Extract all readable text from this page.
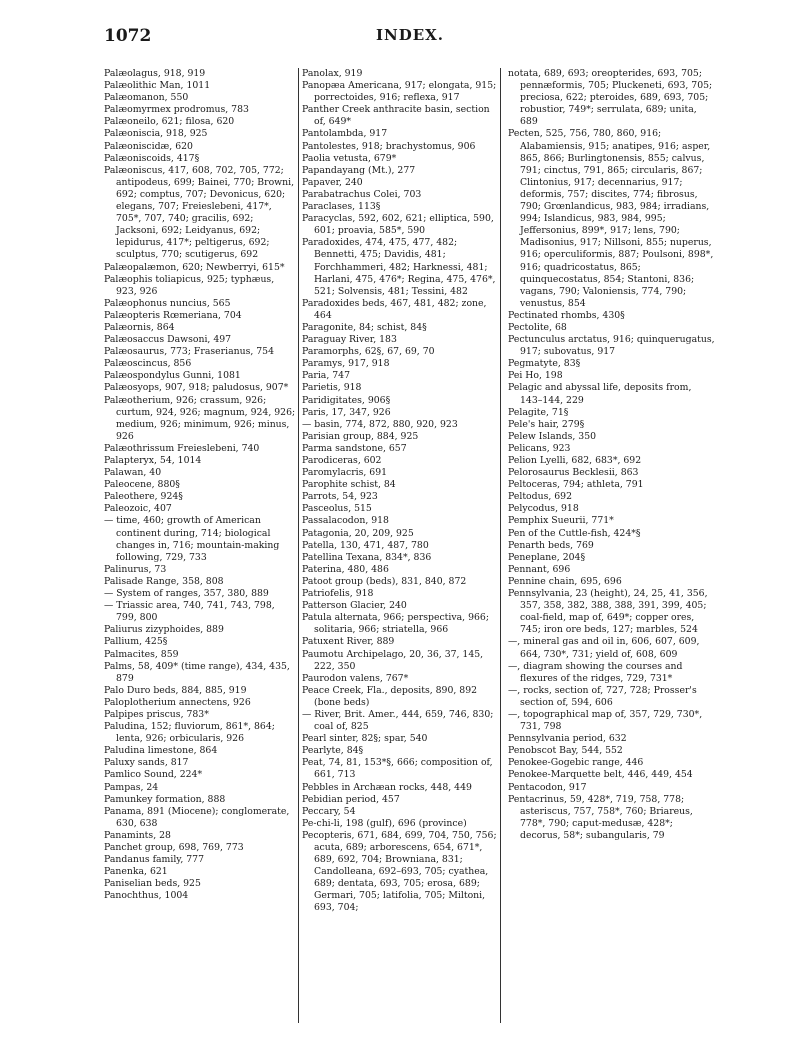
1072	INDEX.

Palæolagus, 918, 919

Palæolithic Man, 1011

Palæomanon, 550

Palæomyrmex prodromus, 783

Palæoneilo, 621; filosa, 620

Palæoniscia, 918, 925

Palæoniscidæ, 620

Palæoniscoids, 417§

Palæoniscus, 417, 608, 702, 705, 772; antipodeus, 699; Bainei, 770; Browni, 692; comptus, 707; Devonicus, 620; elegans, 707; Freieslebeni, 417*, 705*, 707, 740; gracilis, 692; Jacksoni, 692; Leidyanus, 692; lepidurus, 417*; peltigerus, 692; sculptus, 770; scutigerus, 692

Palæopalæmon, 620; Newberryi, 615*

Palæophis toliapicus, 925; typhæus, 923, 926

Palæophonus nuncius, 565

Palæopteris Rœmeriana, 704

Palæornis, 864

Palæosaccus Dawsoni, 497

Palæosaurus, 773; Fraserianus, 754

Palæoscincus, 856

Palæospondylus Gunni, 1081

Palæosyops, 907, 918; paludosus, 907*

Palæotherium, 926; crassum, 926; curtum, 924, 926; magnum, 924, 926; medium, 926; minimum, 926; minus, 926

Palæothrissum Freieslebeni, 740

Palapteryx, 54, 1014

Palawan, 40

Paleocene, 880§

Paleothere, 924§

Paleozoic, 407

— time, 460; growth of American continent during, 714; biological changes in, 716; mountain-making following, 729, 733

Palinurus, 73

Palisade Range, 358, 808

— System of ranges, 357, 380, 889

— Triassic area, 740, 741, 743, 798, 799, 800

Paliurus zizyphoides, 889

Pallium, 425§

Palmacites, 859

Palms, 58, 409* (time range), 434, 435, 879

Palo Duro beds, 884, 885, 919

Paloplotherium annectens, 926

Palpipes priscus, 783*

Paludina, 152; fluviorum, 861*, 864; lenta, 926; orbicularis, 926

Paludina limestone, 864

Paluxy sands, 817

Pamlico Sound, 224*

Pampas, 24

Pamunkey formation, 888

Panama, 891 (Miocene); conglomerate, 630, 638

Panamints, 28

Panchet group, 698, 769, 773

Pandanus family, 777

Panenka, 621

Paniselian beds, 925

Panochthus, 1004

Panolax, 919

Panopæa Americana, 917; elongata, 915; porrectoides, 916; reflexa, 917

Panther Creek anthracite basin, section of, 649*

Pantolambda, 917

Pantolestes, 918; brachystomus, 906

Paolia vetusta, 679*

Papandayang (Mt.), 277

Papaver, 240

Parabatrachus Colei, 703

Paraclases, 113§

Paracyclas, 592, 602, 621; elliptica, 590, 601; proavia, 585*, 590

Paradoxides, 474, 475, 477, 482; Bennetti, 475; Davidis, 481; Forchhammeri, 482; Harknessi, 481; Harlani, 475, 476*; Regina, 475, 476*, 521; Solvensis, 481; Tessini, 482

Paradoxides beds, 467, 481, 482; zone, 464

Paragonite, 84; schist, 84§

Paraguay River, 183

Paramorphs, 62§, 67, 69, 70

Paramys, 917, 918

Paria, 747

Parietis, 918

Paridigitates, 906§

Paris, 17, 347, 926

— basin, 774, 872, 880, 920, 923

Parisian group, 884, 925

Parma sandstone, 657

Parodiceras, 602

Paromylacris, 691

Parophite schist, 84

Parrots, 54, 923

Pasceolus, 515

Passalacodon, 918

Patagonia, 20, 209, 925

Patella, 130, 471, 487, 780

Patellina Texana, 834*, 836

Paterina, 480, 486

Patoot group (beds), 831, 840, 872

Patriofelis, 918

Patterson Glacier, 240

Patula alternata, 966; perspectiva, 966; solitaria, 966; striatella, 966

Patuxent River, 889

Paumotu Archipelago, 20, 36, 37, 145, 222, 350

Paurodon valens, 767*

Peace Creek, Fla., deposits, 890, 892 (bone beds)

— River, Brit. Amer., 444, 659, 746, 830; coal of, 825

Pearl sinter, 82§; spar, 540

Pearlyte, 84§

Peat, 74, 81, 153*§, 666; composition of, 661, 713

Pebbles in Archæan rocks, 448, 449

Pebidian period, 457

Peccary, 54

Pe-chi-li, 198 (gulf), 696 (province)

Pecopteris, 671, 684, 699, 704, 750, 756; acuta, 689; arborescens, 654, 671*, 689, 692, 704; Browniana, 831; Candolleana, 692–693, 705; cyathea, 689; dentata, 693, 705; erosa, 689; Germari, 705; latifolia, 705; Miltoni, 693, 704;

notata, 689, 693; oreopterides, 693, 705; pennæformis, 705; Pluckeneti, 693, 705; preciosa, 622; pteroides, 689, 693, 705; robustior, 749*; serrulata, 689; unita, 689

Pecten, 525, 756, 780, 860, 916; Alabamiensis, 915; anatipes, 916; asper, 865, 866; Burlingtonensis, 855; calvus, 791; cinctus, 791, 865; circularis, 867; Clintonius, 917; decennarius, 917; deformis, 757; discites, 774; fibrosus, 790; Grœnlandicus, 983, 984; irradians, 994; Islandicus, 983, 984, 995; Jeffersonius, 899*, 917; lens, 790; Madisonius, 917; Nillsoni, 855; nuperus, 916; operculiformis, 887; Poulsoni, 898*, 916; quadricostatus, 865; quinquecostatus, 854; Stantoni, 836; vagans, 790; Valoniensis, 774, 790; venustus, 854

Pectinated rhombs, 430§

Pectolite, 68

Pectunculus arctatus, 916; quinquerugatus, 917; subovatus, 917

Pegmatyte, 83§

Pei Ho, 198

Pelagic and abyssal life, deposits from, 143–144, 229

Pelagite, 71§

Pele's hair, 279§

Pelew Islands, 350

Pelicans, 923

Pelion Lyelli, 682, 683*, 692

Pelorosaurus Becklesii, 863

Peltoceras, 794; athleta, 791

Peltodus, 692

Pelycodus, 918

Pemphix Sueurii, 771*

Pen of the Cuttle-fish, 424*§

Penarth beds, 769

Peneplane, 204§

Pennant, 696

Pennine chain, 695, 696

Pennsylvania, 23 (height), 24, 25, 41, 356, 357, 358, 382, 388, 388, 391, 399, 405; coal-field, map of, 649*; copper ores, 745; iron ore beds, 127; marbles, 524

—, mineral gas and oil in, 606, 607, 609, 664, 730*, 731; yield of, 608, 609

—, diagram showing the courses and flexures of the ridges, 729, 731*

—, rocks, section of, 727, 728; Prosser's section of, 594, 606

—, topographical map of, 357, 729, 730*, 731, 798

Pennsylvania period, 632

Penobscot Bay, 544, 552

Penokee-Gogebic range, 446

Penokee-Marquette belt, 446, 449, 454

Pentacodon, 917

Pentacrinus, 59, 428*, 719, 758, 778; asteriscus, 757, 758*, 760; Briareus, 778*, 790; caput-medusæ, 428*; decorus, 58*; subangularis, 79
